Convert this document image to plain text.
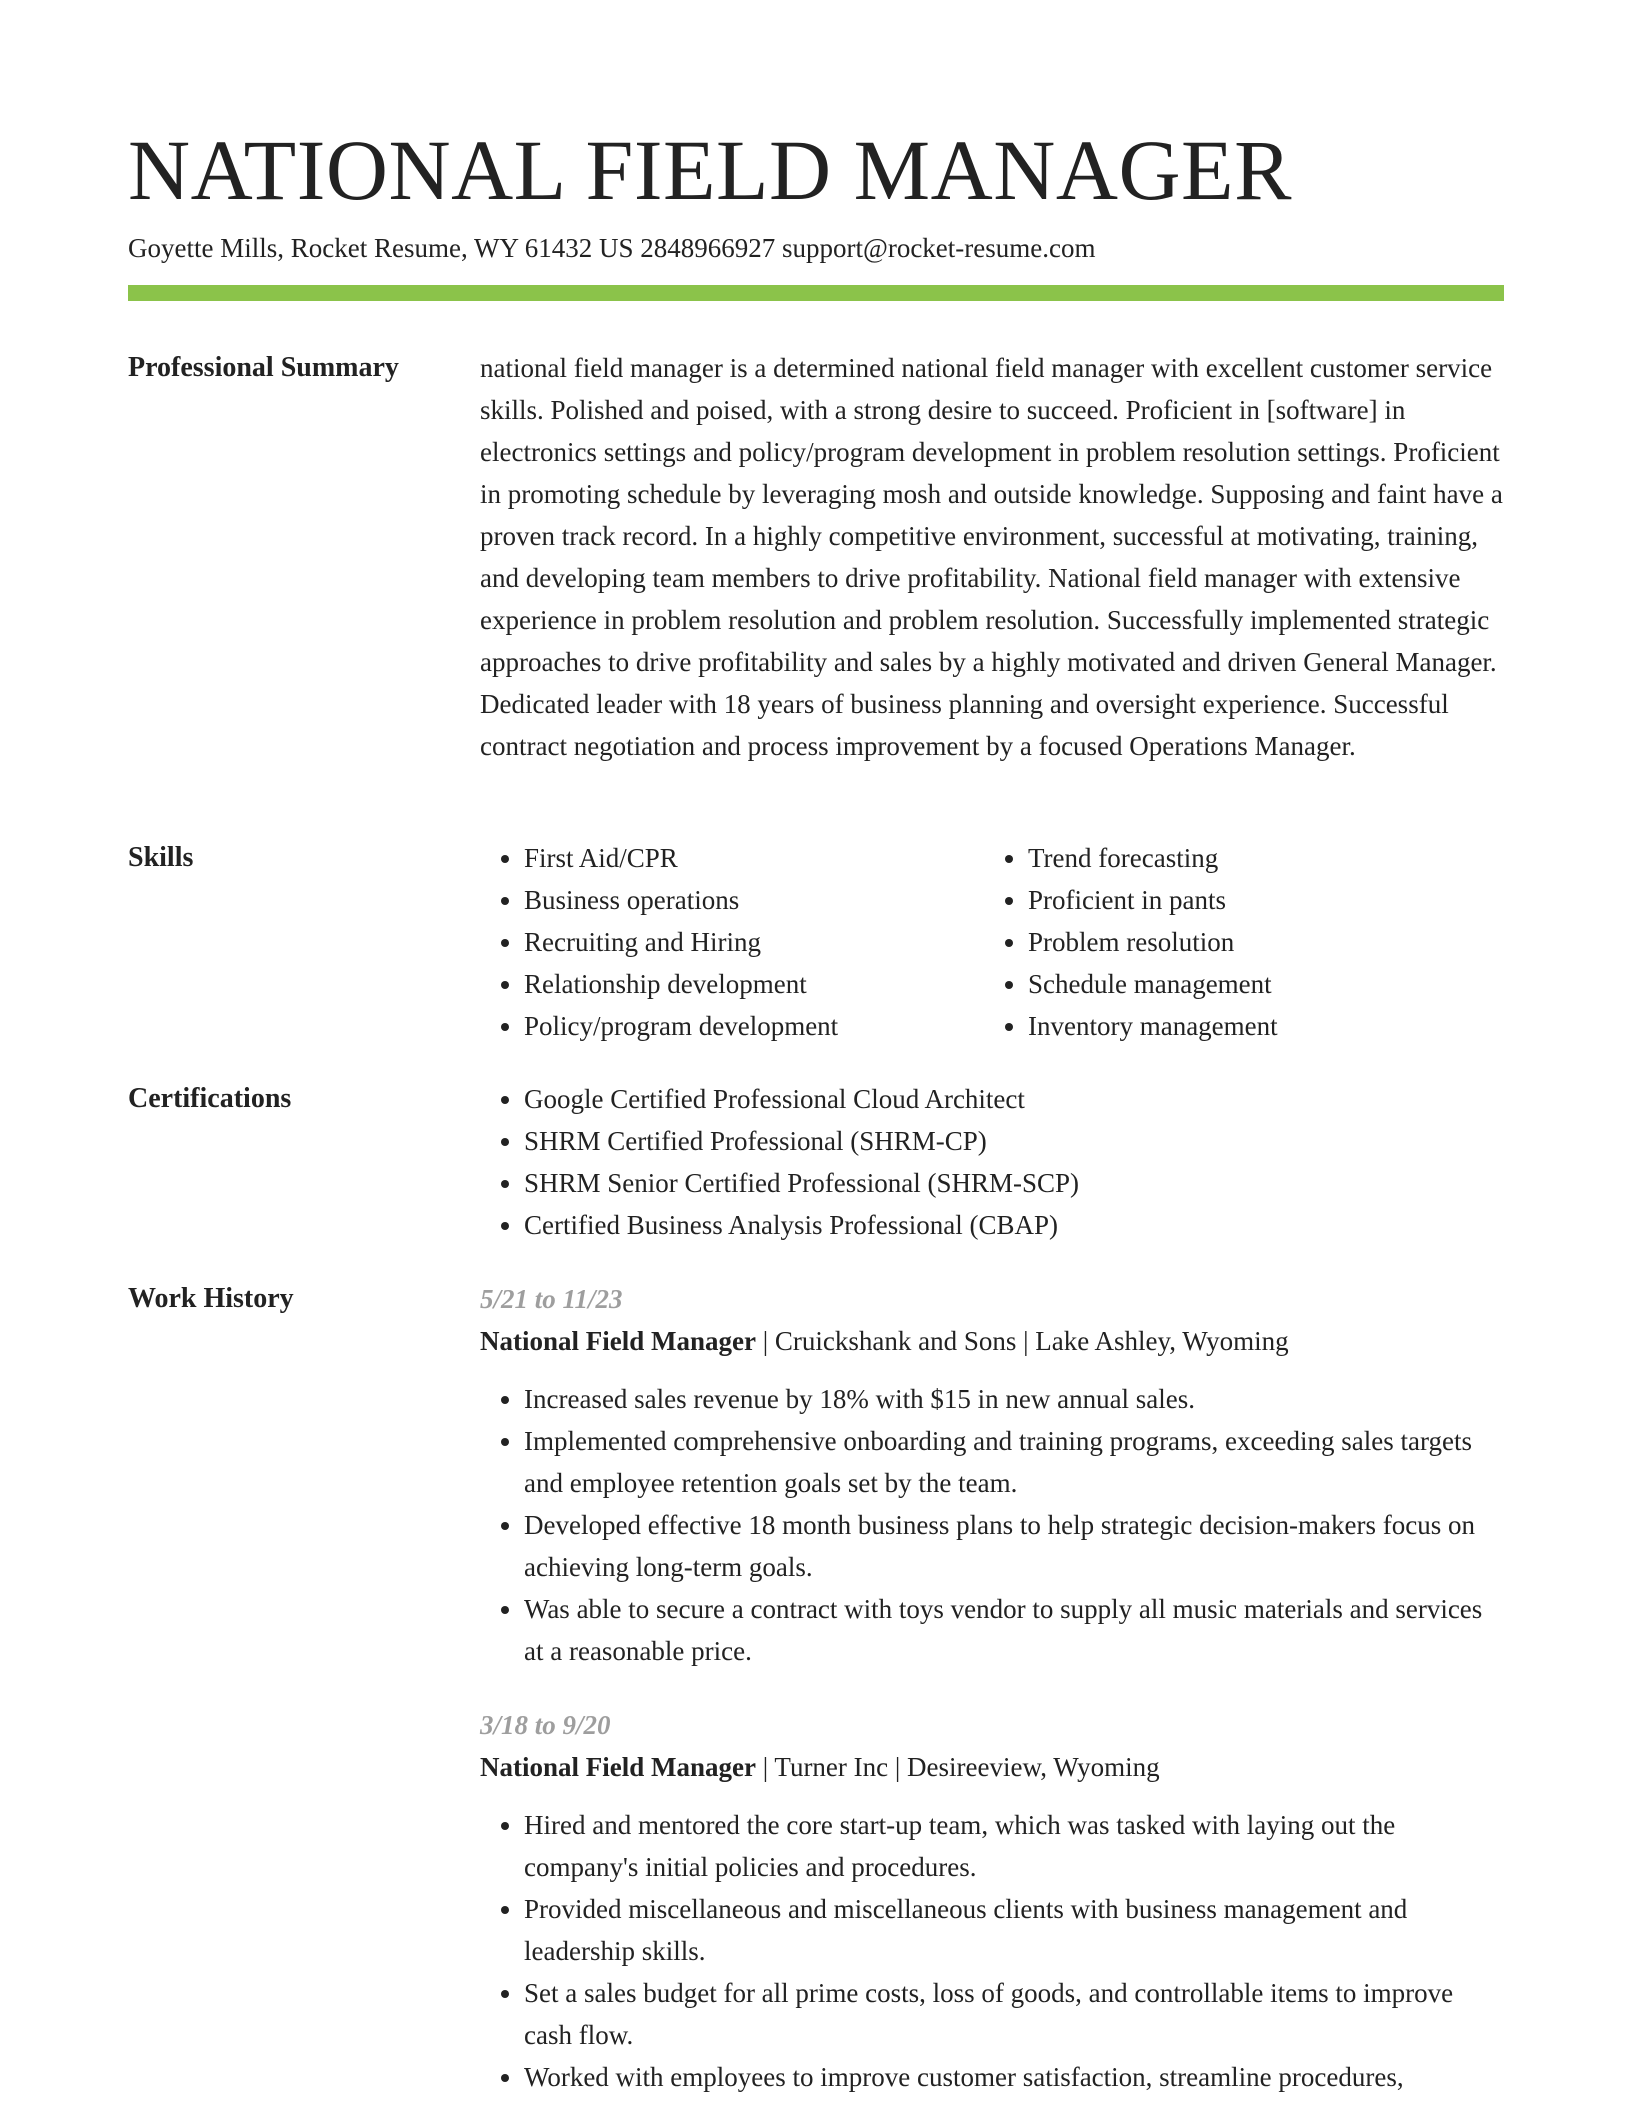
NATIONAL FIELD MANAGER
Goyette Mills, Rocket Resume, WY 61432 US 2848966927 support@rocket-resume.com
Professional Summary	national field manager is a determined national field manager with excellent customer service skills. Polished and poised, with a strong desire to succeed. Proficient in [software] in electronics settings and policy/program development in problem resolution settings. Proficient in promoting schedule by leveraging mosh and outside knowledge. Supposing and faint have a proven track record. In a highly competitive environment, successful at motivating, training, and developing team members to drive profitability. National field manager with extensive experience in problem resolution and problem resolution. Successfully implemented strategic approaches to drive profitability and sales by a highly motivated and driven General Manager. Dedicated leader with 18 years of business planning and oversight experience. Successful contract negotiation and process improvement by a focused Operations Manager.

Skills	• First Aid/CPR
• Business operations
• Recruiting and Hiring
• Relationship development
• Policy/program development
• Trend forecasting
• Proficient in pants
• Problem resolution
• Schedule management
• Inventory management
Certifications	• Google Certified Professional Cloud Architect
• SHRM Certified Professional (SHRM-CP)
• SHRM Senior Certified Professional (SHRM-SCP)
• Certified Business Analysis Professional (CBAP)
Work History	5/21 to 11/23
National Field Manager | Cruickshank and Sons | Lake Ashley, Wyoming
• Increased sales revenue by 18% with $15 in new annual sales.
• Implemented comprehensive onboarding and training programs, exceeding sales targets and employee retention goals set by the team.
• Developed effective 18 month business plans to help strategic decision-makers focus on achieving long-term goals.
• Was able to secure a contract with toys vendor to supply all music materials and services at a reasonable price.
3/18 to 9/20
National Field Manager | Turner Inc | Desireeview, Wyoming
• Hired and mentored the core start-up team, which was tasked with laying out the company's initial policies and procedures.
• Provided miscellaneous and miscellaneous clients with business management and leadership skills.
• Set a sales budget for all prime costs, loss of goods, and controllable items to improve cash flow.
• Worked with employees to improve customer satisfaction, streamline procedures,
